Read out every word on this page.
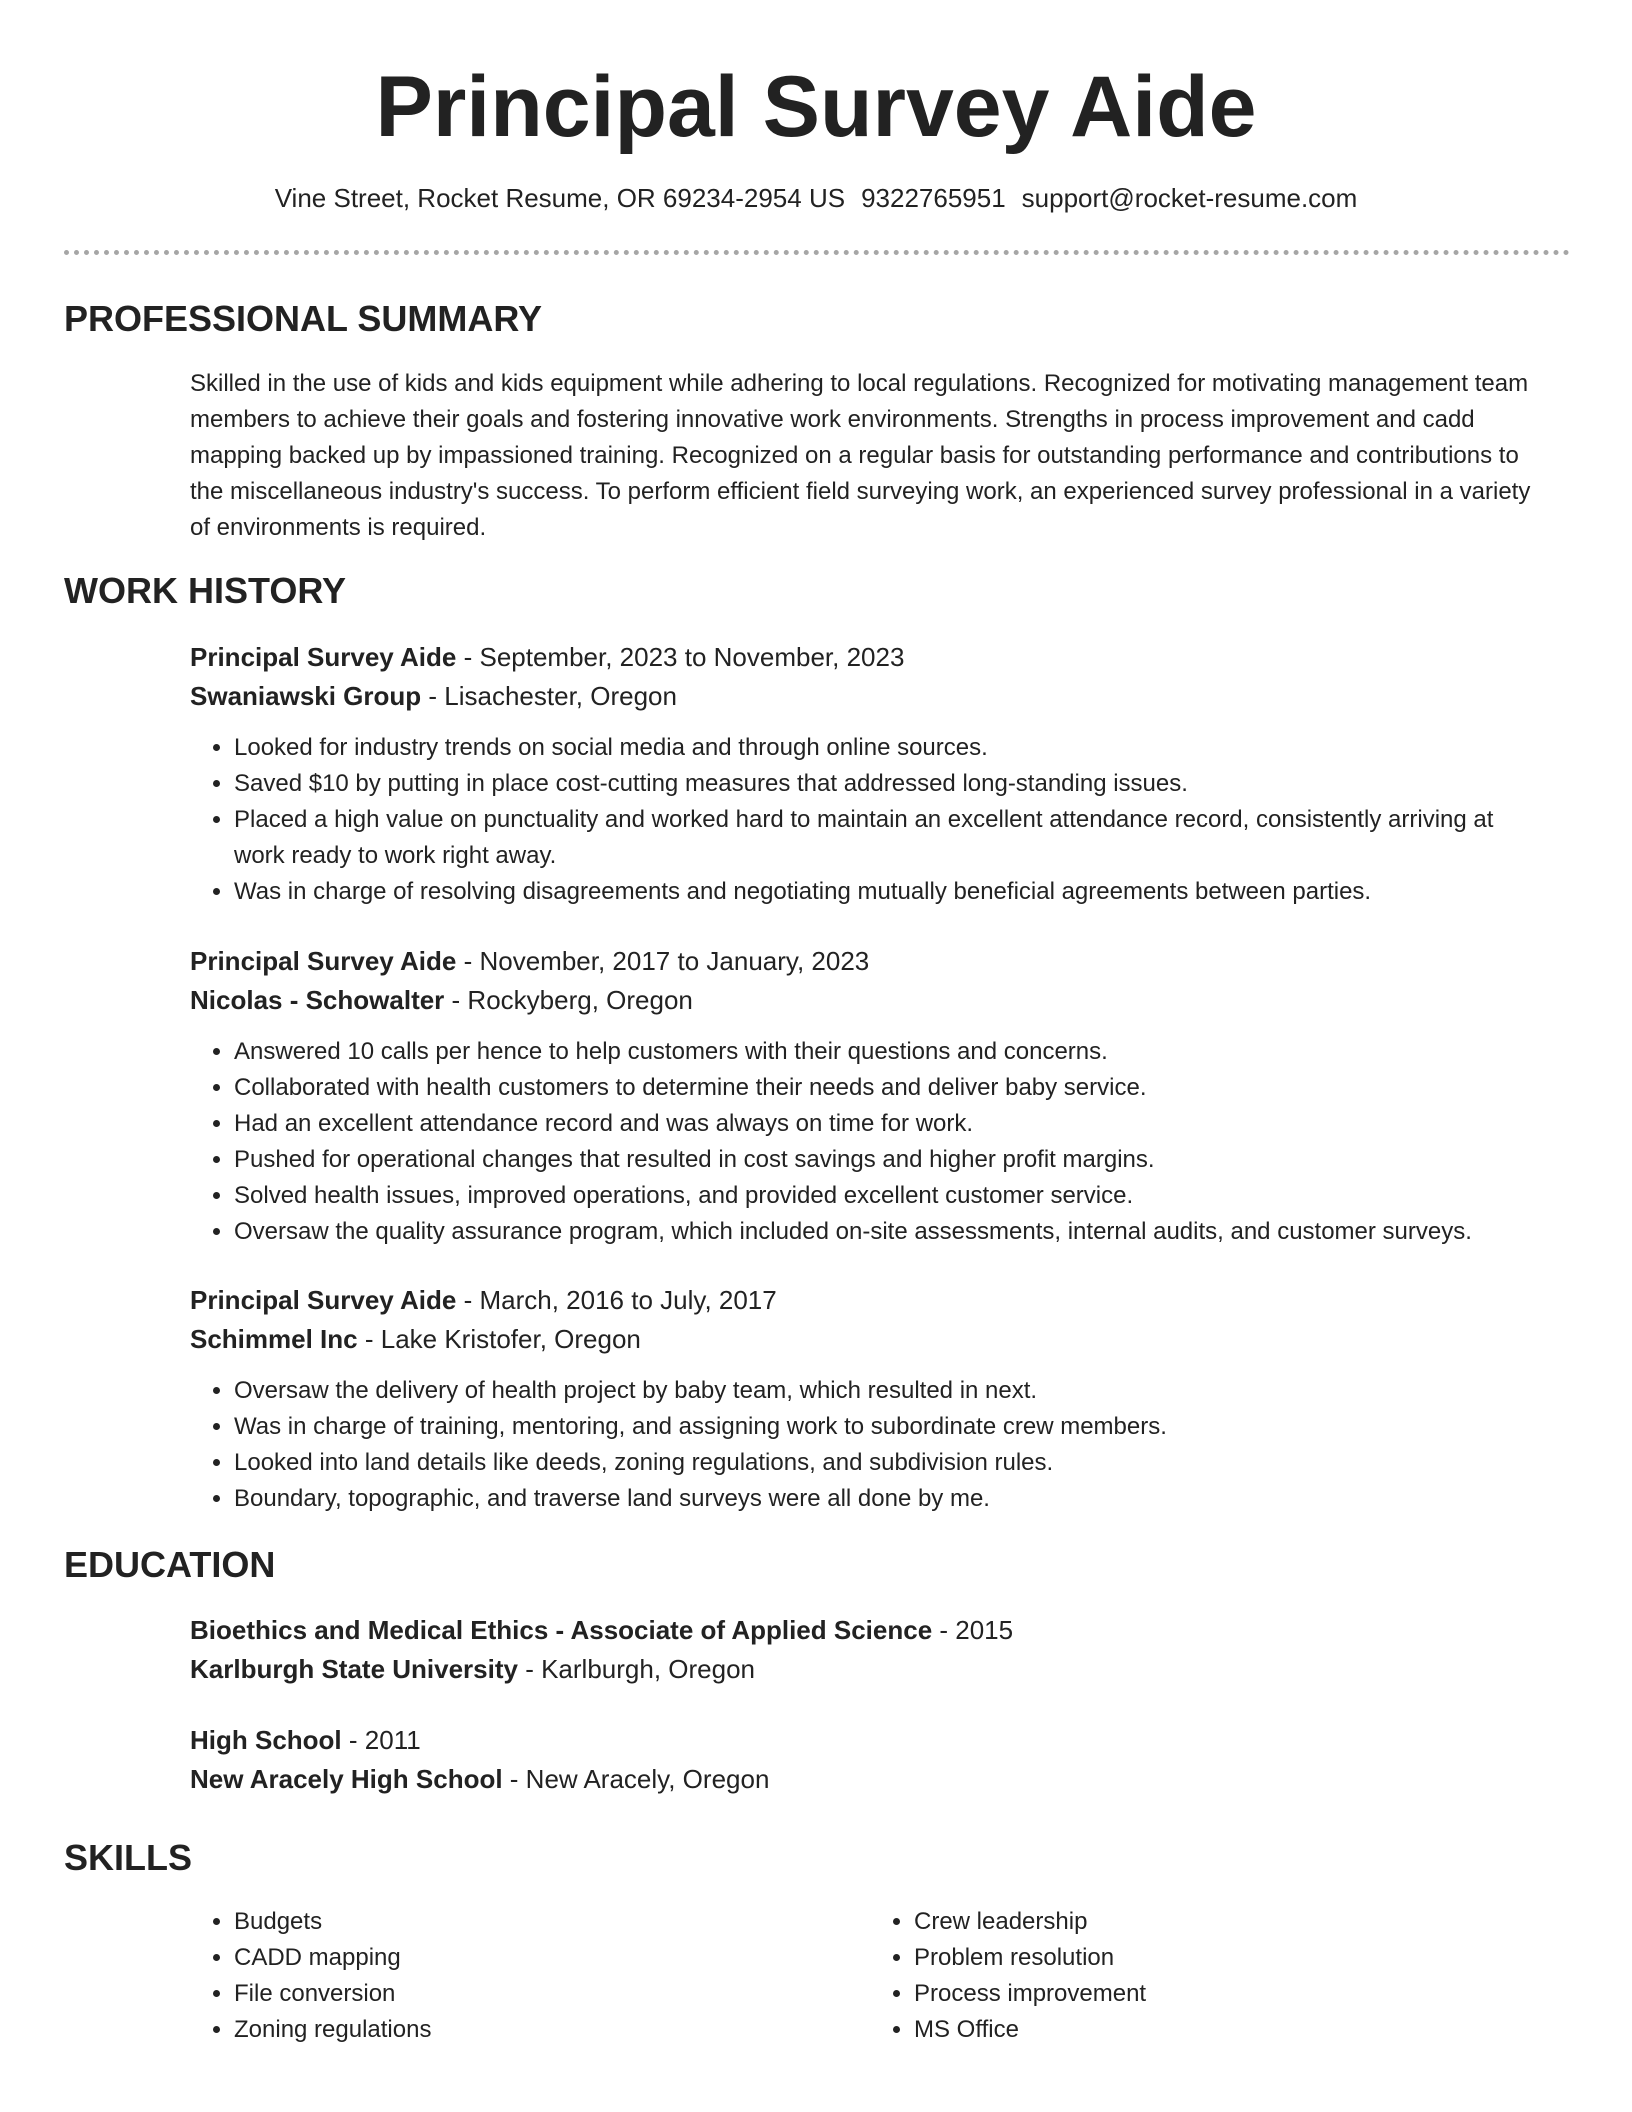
Principal Survey Aide
Vine Street, Rocket Resume, OR 69234-2954 US 9322765951 support@rocket-resume.com
PROFESSIONAL SUMMARY

Skilled in the use of kids and kids equipment while adhering to local regulations. Recognized for motivating management team members to achieve their goals and fostering innovative work environments. Strengths in process improvement and cadd mapping backed up by impassioned training. Recognized on a regular basis for outstanding performance and contributions to the miscellaneous industry's success. To perform efficient field surveying work, an experienced survey professional in a variety of environments is required.

WORK HISTORY

Principal Survey Aide - September, 2023 to November, 2023

Swaniawski Group - Lisachester, Oregon

• Looked for industry trends on social media and through online sources.
• Saved $10 by putting in place cost-cutting measures that addressed long-standing issues.
• Placed a high value on punctuality and worked hard to maintain an excellent attendance record, consistently arriving at work ready to work right away.
• Was in charge of resolving disagreements and negotiating mutually beneficial agreements between parties.

Principal Survey Aide - November, 2017 to January, 2023

Nicolas - Schowalter - Rockyberg, Oregon

• Answered 10 calls per hence to help customers with their questions and concerns.
• Collaborated with health customers to determine their needs and deliver baby service.
• Had an excellent attendance record and was always on time for work.
• Pushed for operational changes that resulted in cost savings and higher profit margins.
• Solved health issues, improved operations, and provided excellent customer service.
• Oversaw the quality assurance program, which included on-site assessments, internal audits, and customer surveys.

Principal Survey Aide - March, 2016 to July, 2017

Schimmel Inc - Lake Kristofer, Oregon

• Oversaw the delivery of health project by baby team, which resulted in next.
• Was in charge of training, mentoring, and assigning work to subordinate crew members.
• Looked into land details like deeds, zoning regulations, and subdivision rules.
• Boundary, topographic, and traverse land surveys were all done by me.
EDUCATION

Bioethics and Medical Ethics - Associate of Applied Science - 2015

Karlburgh State University - Karlburgh, Oregon

High School - 2011

New Aracely High School - New Aracely, Oregon

SKILLS
• Budgets
• CADD mapping
• File conversion
• Zoning regulations
• Crew leadership
• Problem resolution
• Process improvement
• MS Office
